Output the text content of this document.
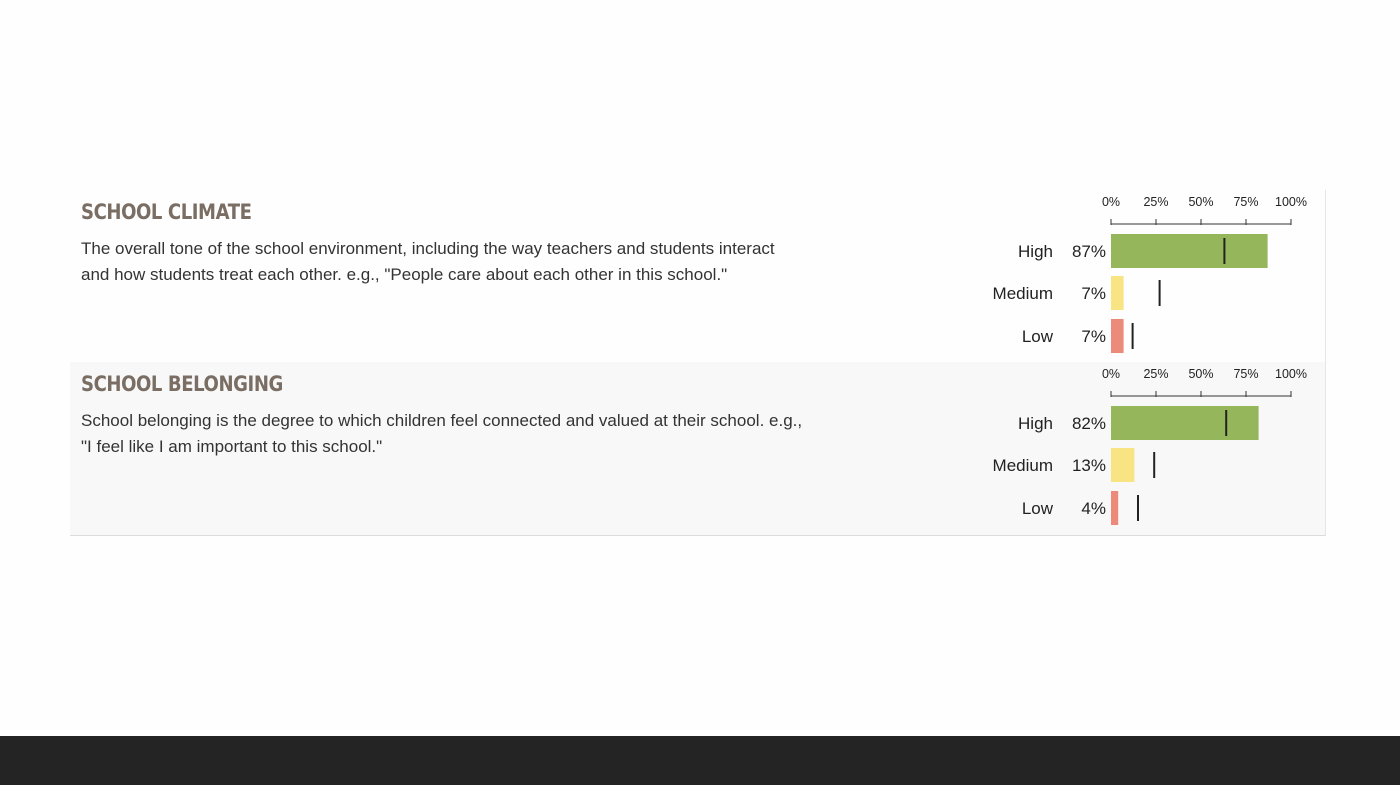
SCHOOL CLIMATE

The overall tone of the school environment, including the way teachers and students interact
and how students treat each other. e.g., "People care about each other in this school."

0% 25% 50% 75% 100%
High 87%
Medium 7%
Low 7%
SCHOOL BELONGING

School belonging is the degree to which children feel connected and valued at their school. e.g.,
"I feel like I am important to this school."

0% 25% 50% 75% 100%
High 82%
Medium 13%
Low 4%
